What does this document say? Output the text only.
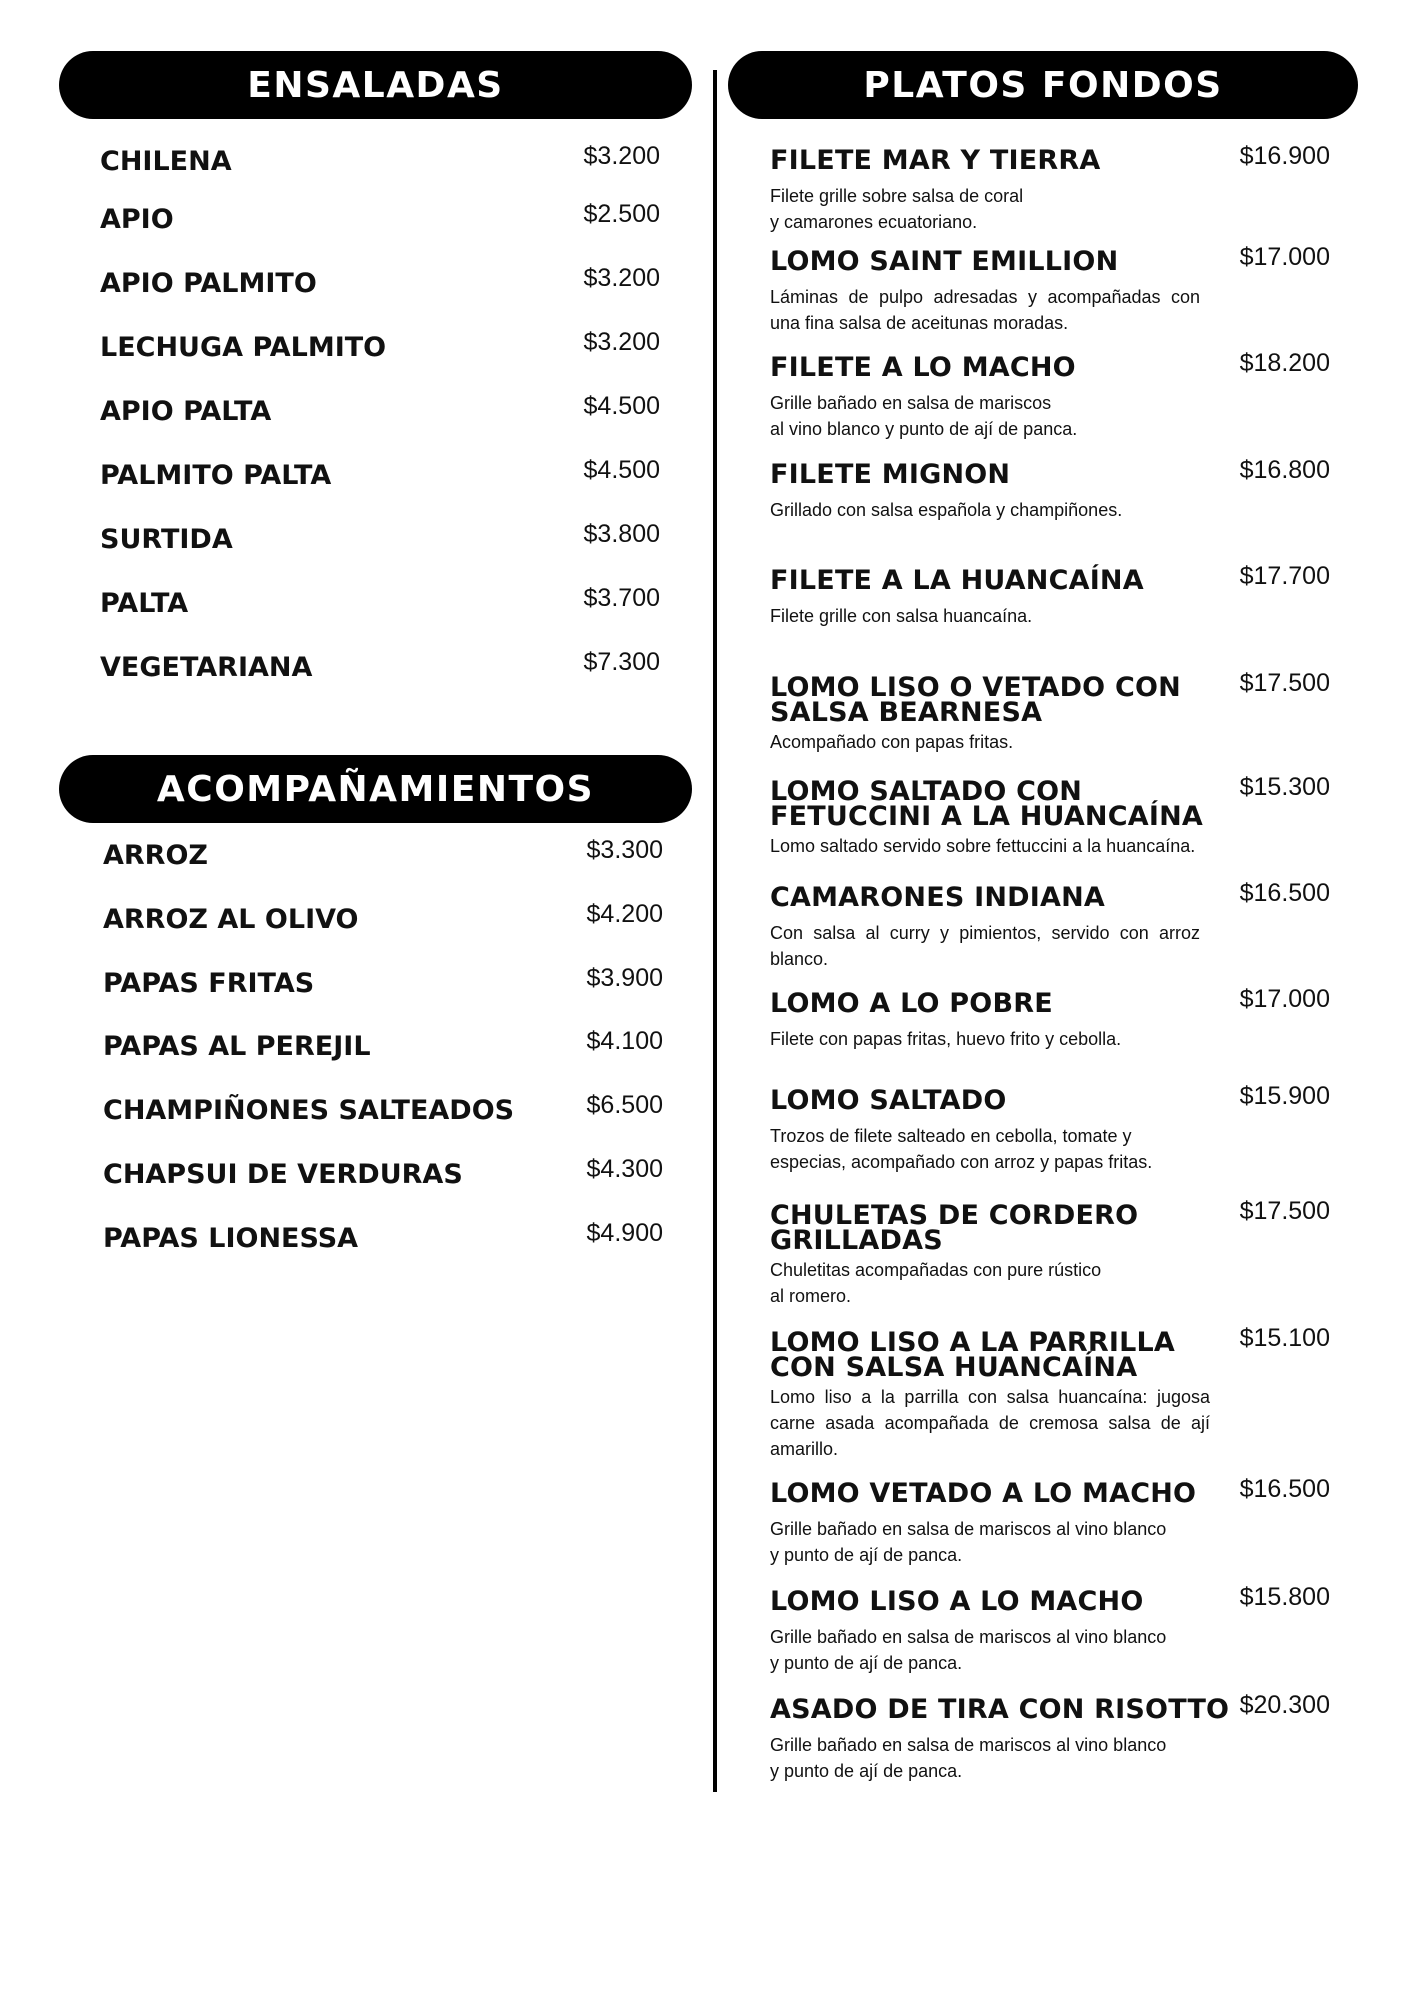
ENSALADAS	PLATOS FONDOS
ACOMPAÑAMIENTOS
CHILENA	$3.200
APIO	$2.500
APIO PALMITO	$3.200
LECHUGA PALMITO	$3.200
APIO PALTA	$4.500
PALMITO PALTA	$4.500
SURTIDA	$3.800
PALTA	$3.700
VEGETARIANA	$7.300
ARROZ	$3.300
ARROZ AL OLIVO	$4.200
PAPAS FRITAS	$3.900
PAPAS AL PEREJIL	$4.100
CHAMPIÑONES SALTEADOS	$6.500
CHAPSUI DE VERDURAS	$4.300
PAPAS LIONESSA	$4.900
FILETE MAR Y TIERRA	$16.900
Filete grille sobre salsa de coral
y camarones ecuatoriano.
LOMO SAINT EMILLION	$17.000
Láminas de pulpo adresadas y acompañadas con una fina salsa de aceitunas moradas.
FILETE A LO MACHO	$18.200
Grille bañado en salsa de mariscos
al vino blanco y punto de ají de panca.
FILETE MIGNON	$16.800
Grillado con salsa española y champiñones.
FILETE A LA HUANCAÍNA	$17.700
Filete grille con salsa huancaína.
LOMO LISO O VETADO CON
SALSA BEARNESA
$17.500
Acompañado con papas fritas.
LOMO SALTADO CON
FETUCCINI A LA HUANCAÍNA
$15.300
Lomo saltado servido sobre fettuccini a la huancaína.
CAMARONES INDIANA	$16.500
Con salsa al curry y pimientos, servido con arroz blanco.
LOMO A LO POBRE	$17.000
Filete con papas fritas, huevo frito y cebolla.
LOMO SALTADO	$15.900
Trozos de filete salteado en cebolla, tomate y
especias, acompañado con arroz y papas fritas.
CHULETAS DE CORDERO
GRILLADAS
$17.500
Chuletitas acompañadas con pure rústico
al romero.
LOMO LISO A LA PARRILLA
CON SALSA HUANCAÍNA
$15.100
Lomo liso a la parrilla con salsa huancaína: jugosa carne asada acompañada de cremosa salsa de ají amarillo.
LOMO VETADO A LO MACHO	$16.500
Grille bañado en salsa de mariscos al vino blanco
y punto de ají de panca.
LOMO LISO A LO MACHO	$15.800
Grille bañado en salsa de mariscos al vino blanco
y punto de ají de panca.
ASADO DE TIRA CON RISOTTO $20.300
Grille bañado en salsa de mariscos al vino blanco
y punto de ají de panca.
